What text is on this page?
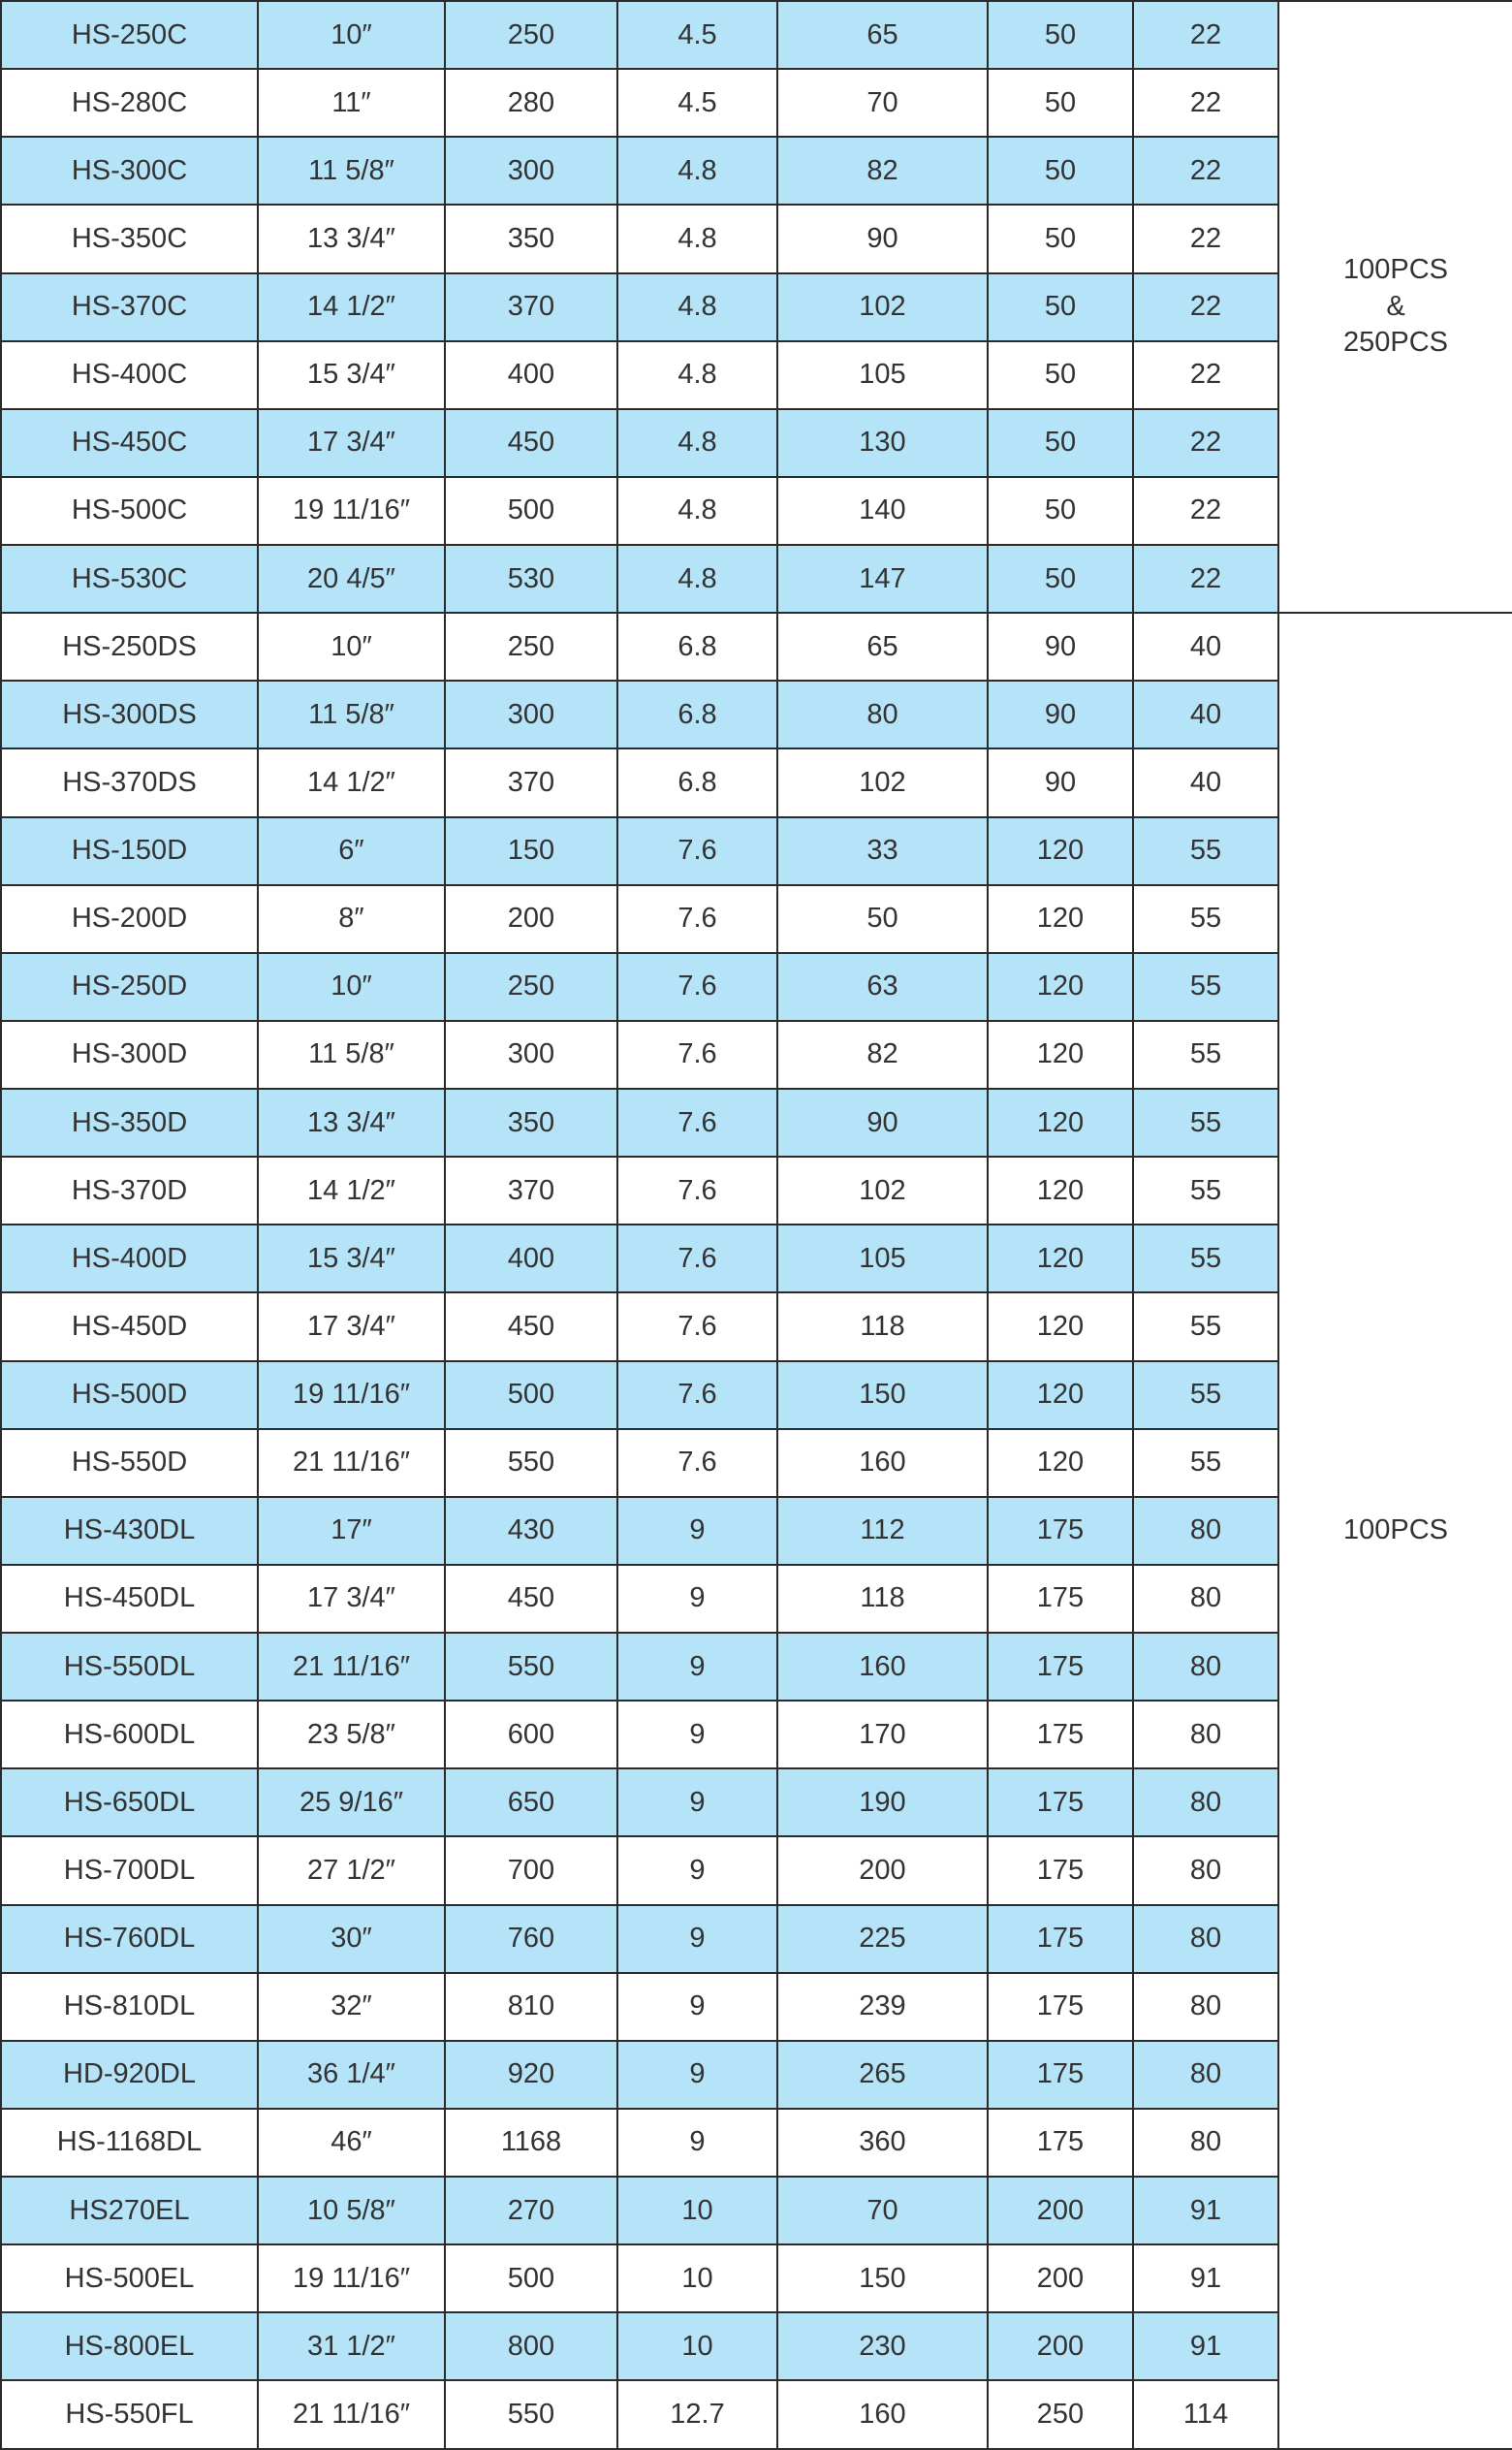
HS-250C	10″	250	4.5	65	50	22	100PCS
&
250PCS

HS-280C	11″	280	4.5	70	50	22	
HS-300C	11 5/8″	300	4.8	82	50	22	
HS-350C	13 3/4″	350	4.8	90	50	22	
HS-370C	14 1/2″	370	4.8	102	50	22	
HS-400C	15 3/4″	400	4.8	105	50	22	
HS-450C	17 3/4″	450	4.8	130	50	22	
HS-500C	19 11/16″	500	4.8	140	50	22	
HS-530C	20 4/5″	530	4.8	147	50	22	
HS-250DS	10″	250	6.8	65	90	40	100PCS

HS-300DS	11 5/8″	300	6.8	80	90	40	
HS-370DS	14 1/2″	370	6.8	102	90	40	
HS-150D	6″	150	7.6	33	120	55	
HS-200D	8″	200	7.6	50	120	55	
HS-250D	10″	250	7.6	63	120	55	
HS-300D	11 5/8″	300	7.6	82	120	55	
HS-350D	13 3/4″	350	7.6	90	120	55	
HS-370D	14 1/2″	370	7.6	102	120	55	
HS-400D	15 3/4″	400	7.6	105	120	55	
HS-450D	17 3/4″	450	7.6	118	120	55	
HS-500D	19 11/16″	500	7.6	150	120	55	
HS-550D	21 11/16″	550	7.6	160	120	55	
HS-430DL	17″	430	9	112	175	80	
HS-450DL	17 3/4″	450	9	118	175	80	
HS-550DL	21 11/16″	550	9	160	175	80	
HS-600DL	23 5/8″	600	9	170	175	80	
HS-650DL	25 9/16″	650	9	190	175	80	
HS-700DL	27 1/2″	700	9	200	175	80	
HS-760DL	30″	760	9	225	175	80	
HS-810DL	32″	810	9	239	175	80	
HD-920DL	36 1/4″	920	9	265	175	80	
HS-1168DL	46″	1168	9	360	175	80	
HS270EL	10 5/8″	270	10	70	200	91	
HS-500EL	19 11/16″	500	10	150	200	91	
HS-800EL	31 1/2″	800	10	230	200	91	
HS-550FL	21 11/16″	550	12.7	160	250	114	
